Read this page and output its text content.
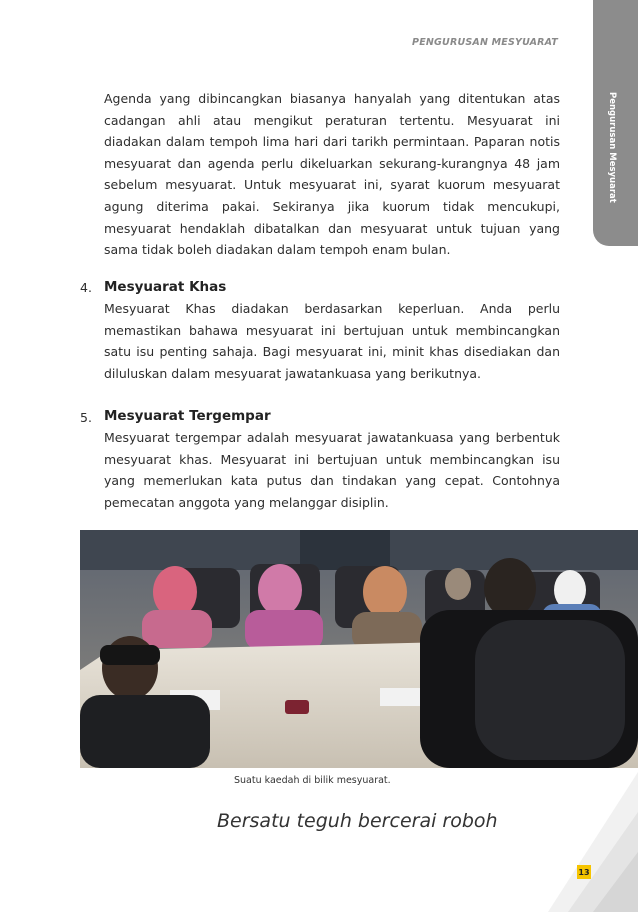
PENGURUSAN MESYUARAT
Pengurusan Mesyuarat

Agenda yang dibincangkan biasanya hanyalah yang ditentukan atas cadangan ahli atau mengikut peraturan tertentu. Mesyuarat ini diadakan dalam tempoh lima hari dari tarikh permintaan. Paparan notis mesyuarat dan agenda perlu dikeluarkan sekurang-kurangnya 48 jam sebelum mesyuarat. Untuk mesyuarat ini, syarat kuorum mesyuarat agung diterima pakai. Sekiranya jika kuorum tidak mencukupi, mesyuarat hendaklah dibatalkan dan mesyuarat untuk tujuan yang sama tidak boleh diadakan dalam tempoh enam bulan.

4. Mesyuarat Khas

Mesyuarat Khas diadakan berdasarkan keperluan. Anda perlu memastikan bahawa mesyuarat ini bertujuan untuk membincangkan satu isu penting sahaja. Bagi mesyuarat ini, minit khas disediakan dan diluluskan dalam mesyuarat jawatankuasa yang berikutnya.

5. Mesyuarat Tergempar

Mesyuarat tergempar adalah mesyuarat jawatankuasa yang berbentuk mesyuarat khas. Mesyuarat ini bertujuan untuk membincangkan isu yang memerlukan kata putus dan tindakan yang cepat. Contohnya pemecatan anggota yang melanggar disiplin.

Suatu kaedah di bilik mesyuarat.
Bersatu teguh bercerai roboh
13
